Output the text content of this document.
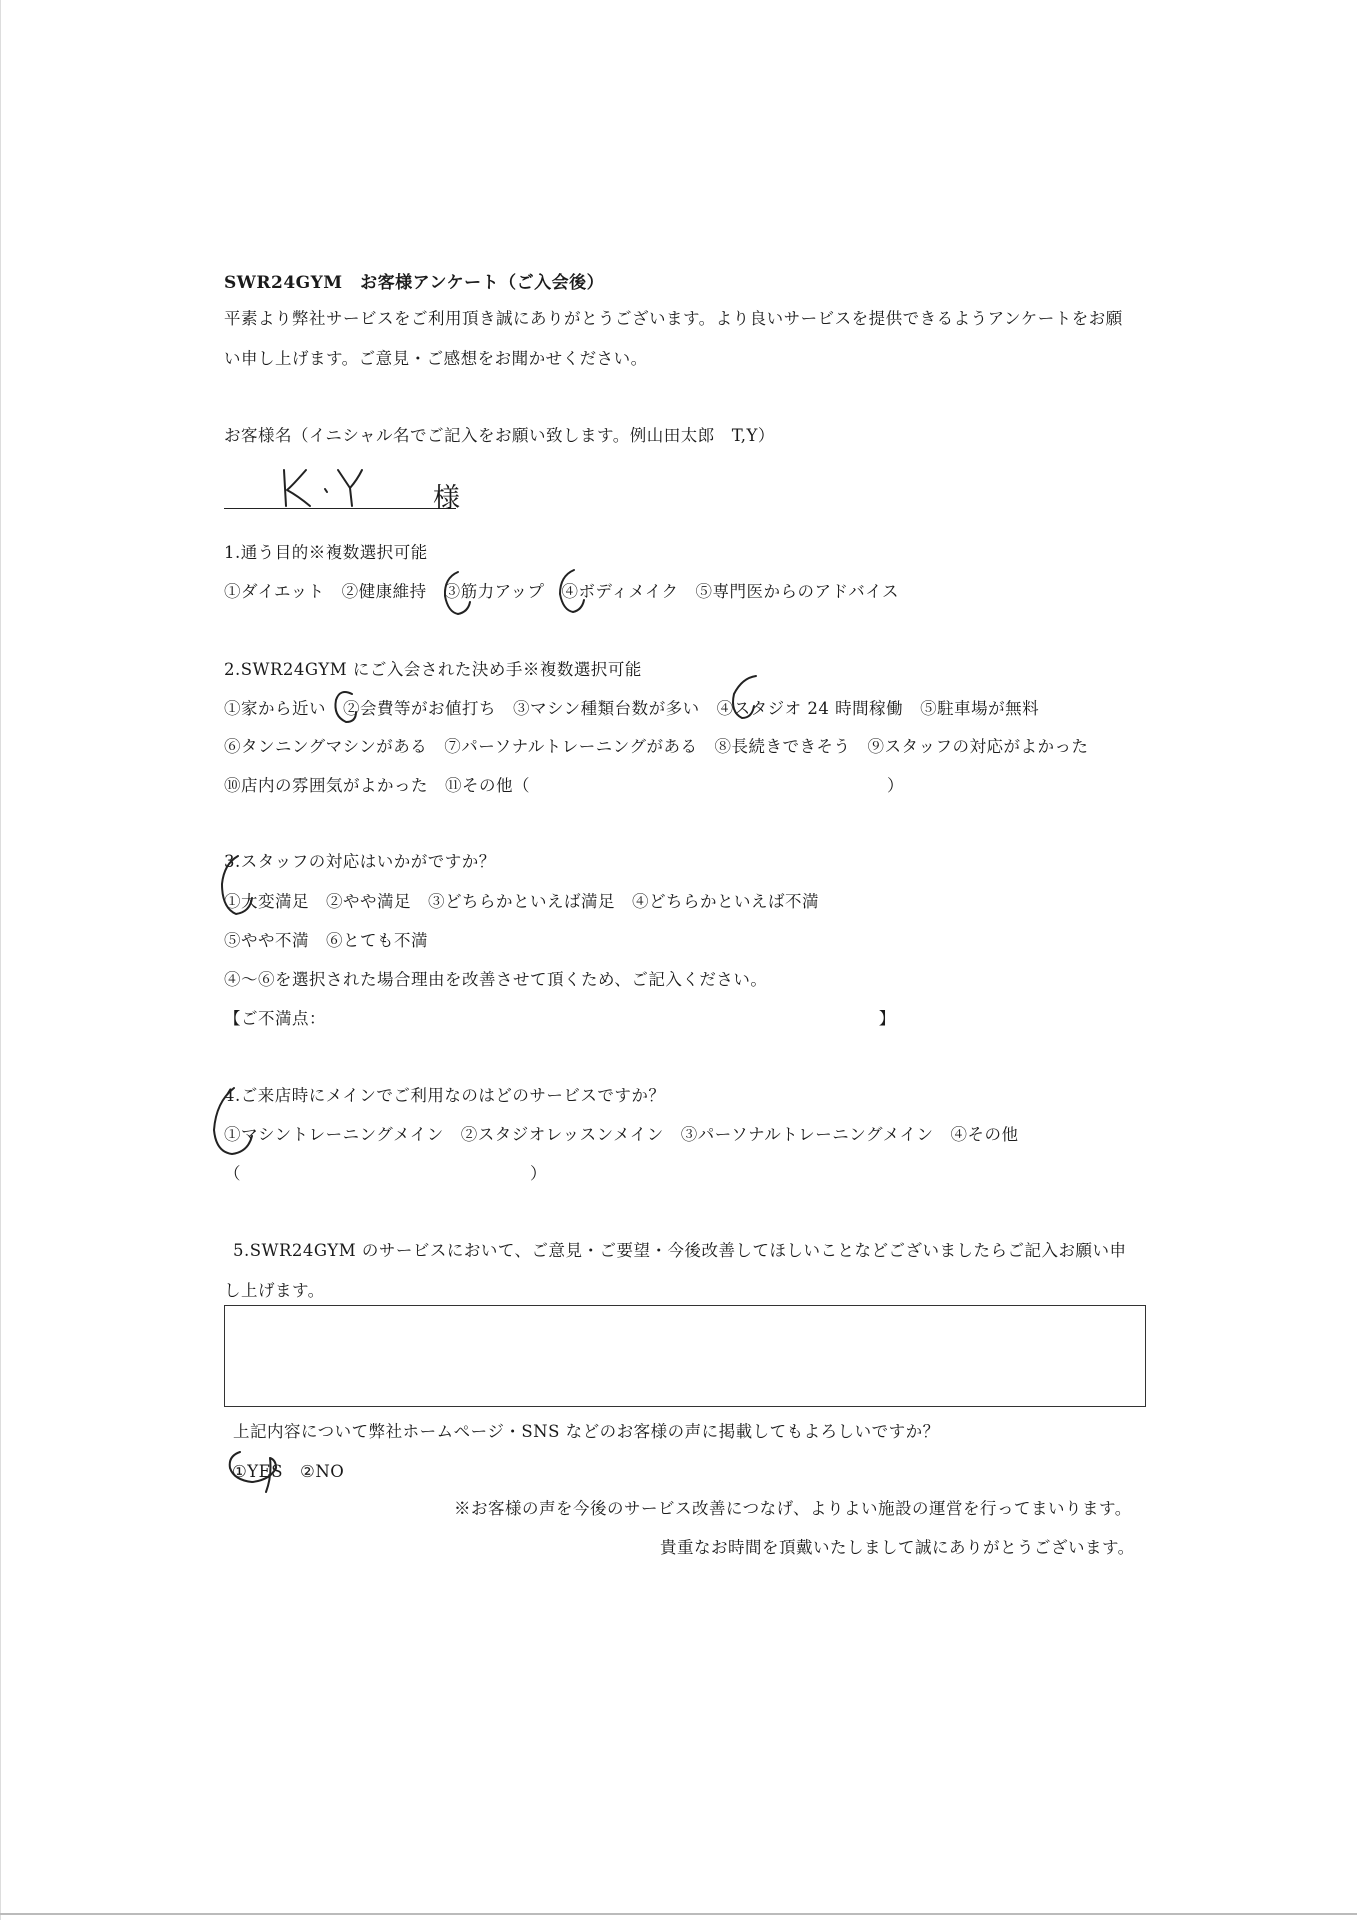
SWR24GYM　お客様アンケート（ご入会後）
平素より弊社サービスをご利用頂き誠にありがとうございます。より良いサービスを提供できるようアンケートをお願
い申し上げます。ご意見・ご感想をお聞かせください。
お客様名（イニシャル名でご記入をお願い致します。例山田太郎　T,Y）
様
1.通う目的※複数選択可能
①ダイエット　②健康維持　③筋力アップ　④ボディメイク　⑤専門医からのアドバイス
2.SWR24GYM にご入会された決め手※複数選択可能
①家から近い　②会費等がお値打ち　③マシン種類台数が多い　④スタジオ 24 時間稼働　⑤駐車場が無料
⑥タンニングマシンがある　⑦パーソナルトレーニングがある　⑧長続きできそう　⑨スタッフの対応がよかった
⑩店内の雰囲気がよかった　⑪その他（　　　　　　　　　　　　　　　　　　　　　）
3.スタッフの対応はいかがですか？
①大変満足　②やや満足　③どちらかといえば満足　④どちらかといえば不満
⑤やや不満　⑥とても不満
④～⑥を選択された場合理由を改善させて頂くため、ご記入ください。
【ご不満点：　　　　　　　　　　　　　　　　　　　　　　　　　　　　　　　　　】
4.ご来店時にメインでご利用なのはどのサービスですか？
①マシントレーニングメイン　②スタジオレッスンメイン　③パーソナルトレーニングメイン　④その他
（　　　　　　　　　　　　　　　　　）
5.SWR24GYM のサービスにおいて、ご意見・ご要望・今後改善してほしいことなどございましたらご記入お願い申
し上げます。
上記内容について弊社ホームページ・SNS などのお客様の声に掲載してもよろしいですか？
①YES　②NO
※お客様の声を今後のサービス改善につなげ、よりよい施設の運営を行ってまいります。
貴重なお時間を頂戴いたしまして誠にありがとうございます。
